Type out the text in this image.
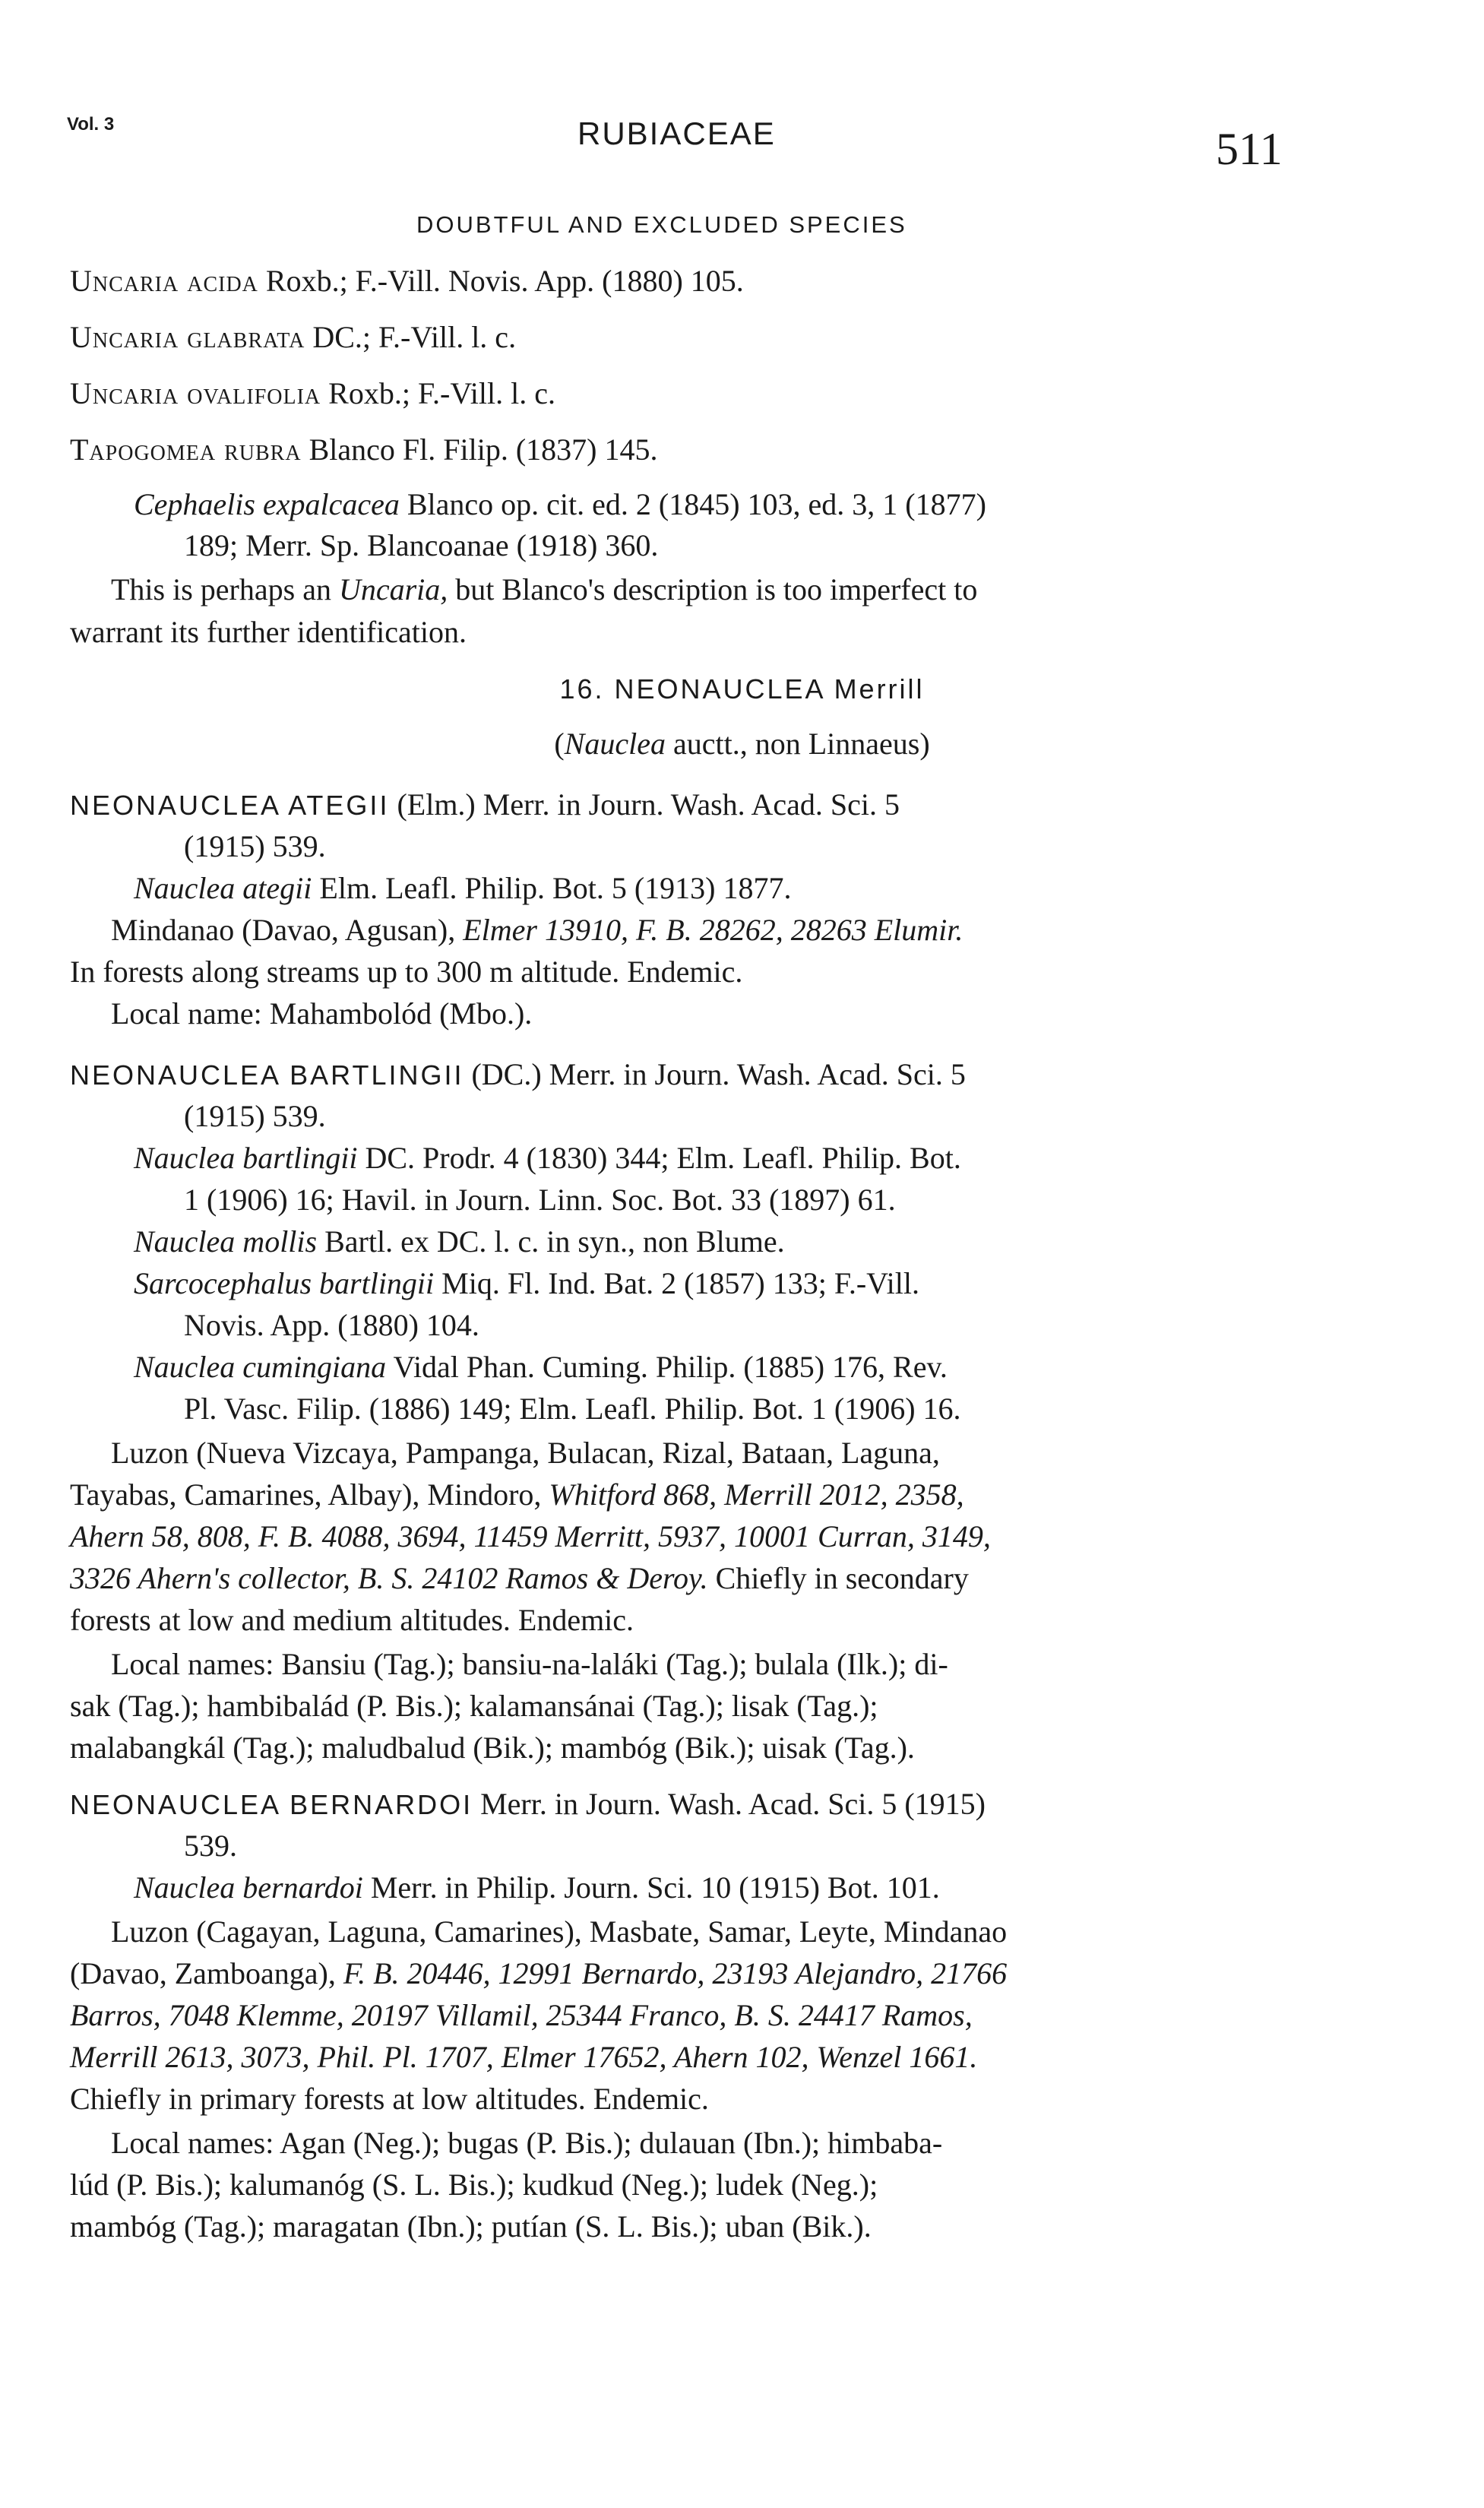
Vol. 3	RUBIACEAE	511
DOUBTFUL AND EXCLUDED SPECIES
Uncaria acida Roxb.; F.-Vill. Novis. App. (1880) 105.
Uncaria glabrata DC.; F.-Vill. l. c.
Uncaria ovalifolia Roxb.; F.-Vill. l. c.
Tapogomea rubra Blanco Fl. Filip. (1837) 145.
Cephaelis expalcacea Blanco op. cit. ed. 2 (1845) 103, ed. 3, 1 (1877)
189; Merr. Sp. Blancoanae (1918) 360.
This is perhaps an Uncaria, but Blanco's description is too imperfect to
warrant its further identification.
16. NEONAUCLEA Merrill
(Nauclea auctt., non Linnaeus)
NEONAUCLEA ATEGII (Elm.) Merr. in Journ. Wash. Acad. Sci. 5
(1915) 539.
Nauclea ategii Elm. Leafl. Philip. Bot. 5 (1913) 1877.
Mindanao (Davao, Agusan), Elmer 13910, F. B. 28262, 28263 Elumir.
In forests along streams up to 300 m altitude. Endemic.
Local name: Mahambolód (Mbo.).
NEONAUCLEA BARTLINGII (DC.) Merr. in Journ. Wash. Acad. Sci. 5
(1915) 539.
Nauclea bartlingii DC. Prodr. 4 (1830) 344; Elm. Leafl. Philip. Bot.
1 (1906) 16; Havil. in Journ. Linn. Soc. Bot. 33 (1897) 61.
Nauclea mollis Bartl. ex DC. l. c. in syn., non Blume.
Sarcocephalus bartlingii Miq. Fl. Ind. Bat. 2 (1857) 133; F.-Vill.
Novis. App. (1880) 104.
Nauclea cumingiana Vidal Phan. Cuming. Philip. (1885) 176, Rev.
Pl. Vasc. Filip. (1886) 149; Elm. Leafl. Philip. Bot. 1 (1906) 16.
Luzon (Nueva Vizcaya, Pampanga, Bulacan, Rizal, Bataan, Laguna,
Tayabas, Camarines, Albay), Mindoro, Whitford 868, Merrill 2012, 2358,
Ahern 58, 808, F. B. 4088, 3694, 11459 Merritt, 5937, 10001 Curran, 3149,
3326 Ahern's collector, B. S. 24102 Ramos & Deroy. Chiefly in secondary
forests at low and medium altitudes. Endemic.
Local names: Bansiu (Tag.); bansiu-na-laláki (Tag.); bulala (Ilk.); di-
sak (Tag.); hambibalád (P. Bis.); kalamansánai (Tag.); lisak (Tag.);
malabangkál (Tag.); maludbalud (Bik.); mambóg (Bik.); uisak (Tag.).
NEONAUCLEA BERNARDOI Merr. in Journ. Wash. Acad. Sci. 5 (1915)
539.
Nauclea bernardoi Merr. in Philip. Journ. Sci. 10 (1915) Bot. 101.
Luzon (Cagayan, Laguna, Camarines), Masbate, Samar, Leyte, Mindanao
(Davao, Zamboanga), F. B. 20446, 12991 Bernardo, 23193 Alejandro, 21766
Barros, 7048 Klemme, 20197 Villamil, 25344 Franco, B. S. 24417 Ramos,
Merrill 2613, 3073, Phil. Pl. 1707, Elmer 17652, Ahern 102, Wenzel 1661.
Chiefly in primary forests at low altitudes. Endemic.
Local names: Agan (Neg.); bugas (P. Bis.); dulauan (Ibn.); himbaba-
lúd (P. Bis.); kalumanóg (S. L. Bis.); kudkud (Neg.); ludek (Neg.);
mambóg (Tag.); maragatan (Ibn.); putían (S. L. Bis.); uban (Bik.).
